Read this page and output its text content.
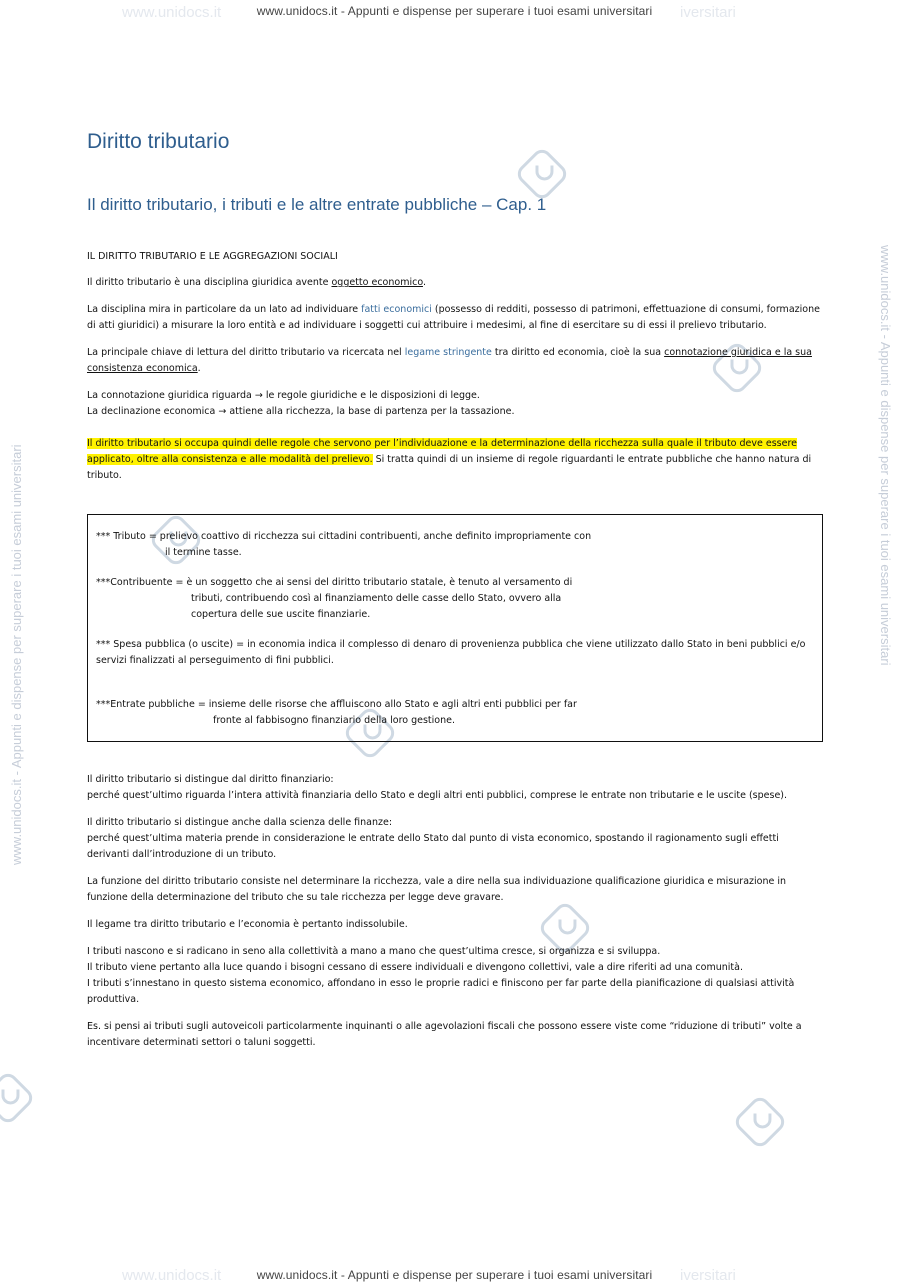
www.unidocs.it	iversitari
www.unidocs.it	iversitari
www.unidocs.it - Appunti e dispense per superare i tuoi esami universitari
www.unidocs.it - Appunti e dispense per superare i tuoi esami universitari
www.unidocs.it - Appunti e dispense per superare i tuoi esami universitari	www.unidocs.it - Appunti e dispense per superare i tuoi esami universitari
Diritto tributario
Il diritto tributario, i tributi e le altre entrate pubbliche – Cap. 1

IL DIRITTO TRIBUTARIO E LE AGGREGAZIONI SOCIALI

Il diritto tributario è una disciplina giuridica avente oggetto economico.

La disciplina mira in particolare da un lato ad individuare fatti economici (possesso di redditi, possesso di patrimoni, effettuazione di consumi, formazione di atti giuridici) a misurare la loro entità e ad individuare i soggetti cui attribuire i medesimi, al fine di esercitare su di essi il prelievo tributario.

La principale chiave di lettura del diritto tributario va ricercata nel legame stringente tra diritto ed economia, cioè la sua connotazione giuridica e la sua consistenza economica.

La connotazione giuridica riguarda → le regole giuridiche e le disposizioni di legge.
La declinazione economica → attiene alla ricchezza, la base di partenza per la tassazione.

Il diritto tributario si occupa quindi delle regole che servono per l’individuazione e la determinazione della ricchezza sulla quale il tributo deve essere applicato, oltre alla consistenza e alle modalità del prelievo. Si tratta quindi di un insieme di regole riguardanti le entrate pubbliche che hanno natura di tributo.

*** Tributo = prelievo coattivo di ricchezza sui cittadini contribuenti, anche definito impropriamente con
il termine tasse.

***Contribuente = è un soggetto che ai sensi del diritto tributario statale, è tenuto al versamento di
tributi, contribuendo così al finanziamento delle casse dello Stato, ovvero alla
copertura delle sue uscite finanziarie.

*** Spesa pubblica (o uscite) = in economia indica il complesso di denaro di provenienza pubblica che viene utilizzato dallo Stato in beni pubblici e/o servizi finalizzati al perseguimento di fini pubblici.

***Entrate pubbliche = insieme delle risorse che affluiscono allo Stato e agli altri enti pubblici per far
fronte al fabbisogno finanziario della loro gestione.

Il diritto tributario si distingue dal diritto finanziario:
perché quest’ultimo riguarda l’intera attività finanziaria dello Stato e degli altri enti pubblici, comprese le entrate non tributarie e le uscite (spese).

Il diritto tributario si distingue anche dalla scienza delle finanze:
perché quest’ultima materia prende in considerazione le entrate dello Stato dal punto di vista economico, spostando il ragionamento sugli effetti derivanti dall’introduzione di un tributo.

La funzione del diritto tributario consiste nel determinare la ricchezza, vale a dire nella sua individuazione qualificazione giuridica e misurazione in funzione della determinazione del tributo che su tale ricchezza per legge deve gravare.

Il legame tra diritto tributario e l’economia è pertanto indissolubile.

I tributi nascono e si radicano in seno alla collettività a mano a mano che quest’ultima cresce, si organizza e si sviluppa.
Il tributo viene pertanto alla luce quando i bisogni cessano di essere individuali e divengono collettivi, vale a dire riferiti ad una comunità.
I tributi s’innestano in questo sistema economico, affondano in esso le proprie radici e finiscono per far parte della pianificazione di qualsiasi attività produttiva.

Es. si pensi ai tributi sugli autoveicoli particolarmente inquinanti o alle agevolazioni fiscali che possono essere viste come “riduzione di tributi” volte a incentivare determinati settori o taluni soggetti.
